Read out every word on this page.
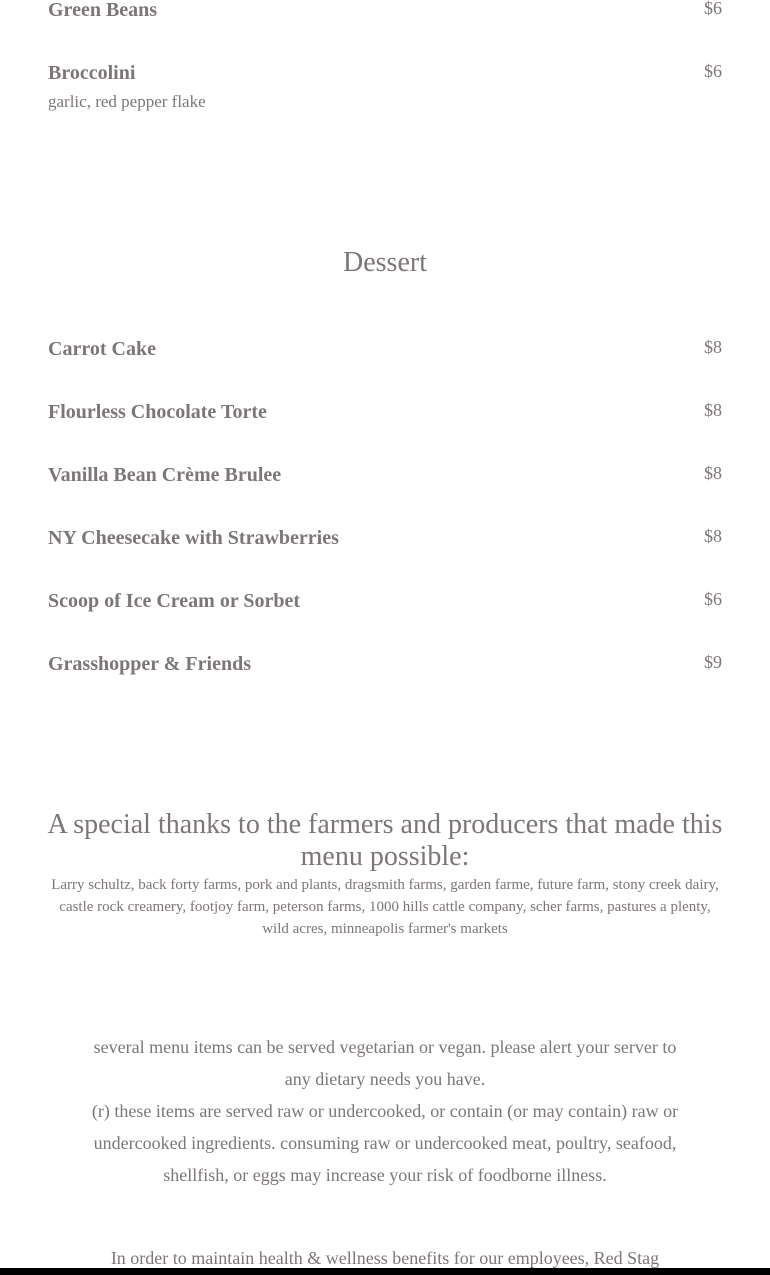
Green Beans	$6
Broccolini	$6
garlic, red pepper flake
Dessert
Carrot Cake	$8
Flourless Chocolate Torte	$8
Vanilla Bean Crème Brulee	$8
NY Cheesecake with Strawberries	$8
Scoop of Ice Cream or Sorbet	$6
Grasshopper & Friends	$9
A special thanks to the farmers and producers that made this menu possible:
Larry schultz, back forty farms, pork and plants, dragsmith farms, garden farme, future farm, stony creek dairy, castle rock creamery, footjoy farm, peterson farms, 1000 hills cattle company, scher farms, pastures a plenty, wild acres, minneapolis farmer's markets

several menu items can be served vegetarian or vegan. please alert your server to any dietary needs you have.

(r) these items are served raw or undercooked, or contain (or may contain) raw or undercooked ingredients. consuming raw or undercooked meat, poultry, seafood, shellfish, or eggs may increase your risk of foodborne illness.

In order to maintain health & wellness benefits for our employees, Red Stag
